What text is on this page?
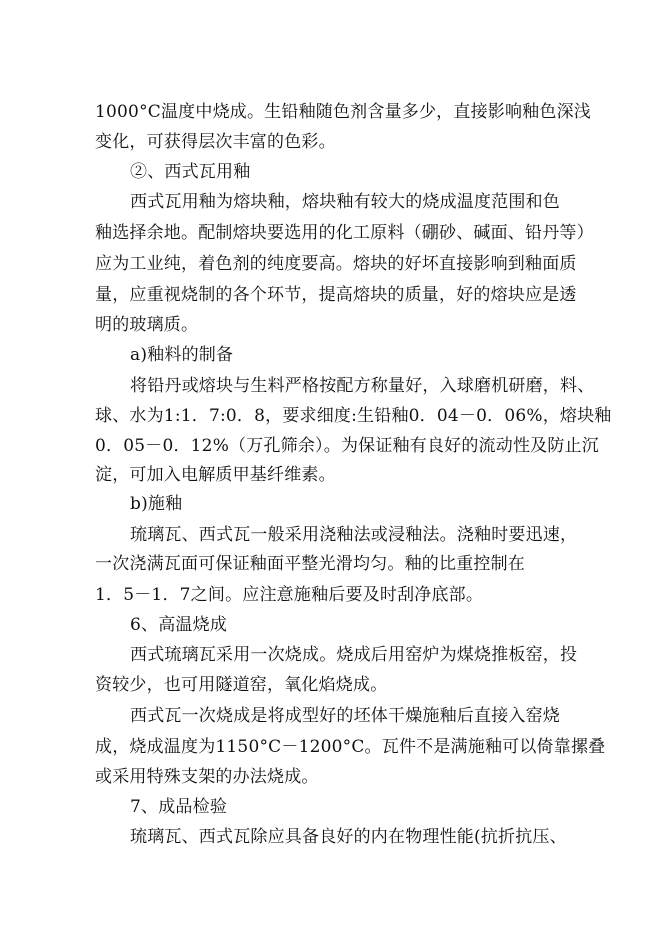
1000°C温度中烧成。生铅釉随色剂含量多少，直接影响釉色深浅
变化，可获得层次丰富的色彩。
②、西式瓦用釉
西式瓦用釉为熔块釉，熔块釉有较大的烧成温度范围和色
釉选择余地。配制熔块要选用的化工原料（硼砂、碱面、铅丹等）
应为工业纯，着色剂的纯度要高。熔块的好坏直接影响到釉面质
量，应重视烧制的各个环节，提高熔块的质量，好的熔块应是透
明的玻璃质。
a)釉料的制备
将铅丹或熔块与生料严格按配方称量好，入球磨机研磨，料、
球、水为1:1．7:0．8，要求细度:生铅釉0．04－0．06%，熔块釉
0．05－0．12%（万孔筛余）。为保证釉有良好的流动性及防止沉
淀，可加入电解质甲基纤维素。
b)施釉
琉璃瓦、西式瓦一般采用浇釉法或浸釉法。浇釉时要迅速，
一次浇满瓦面可保证釉面平整光滑均匀。釉的比重控制在
1．5－1．7之间。应注意施釉后要及时刮净底部。
6、高温烧成
西式琉璃瓦采用一次烧成。烧成后用窑炉为煤烧推板窑，投
资较少，也可用隧道窑，氧化焰烧成。
西式瓦一次烧成是将成型好的坯体干燥施釉后直接入窑烧
成，烧成温度为1150°C－1200°C。瓦件不是满施釉可以倚靠摞叠
或采用特殊支架的办法烧成。
7、成品检验
琉璃瓦、西式瓦除应具备良好的内在物理性能(抗折抗压、
